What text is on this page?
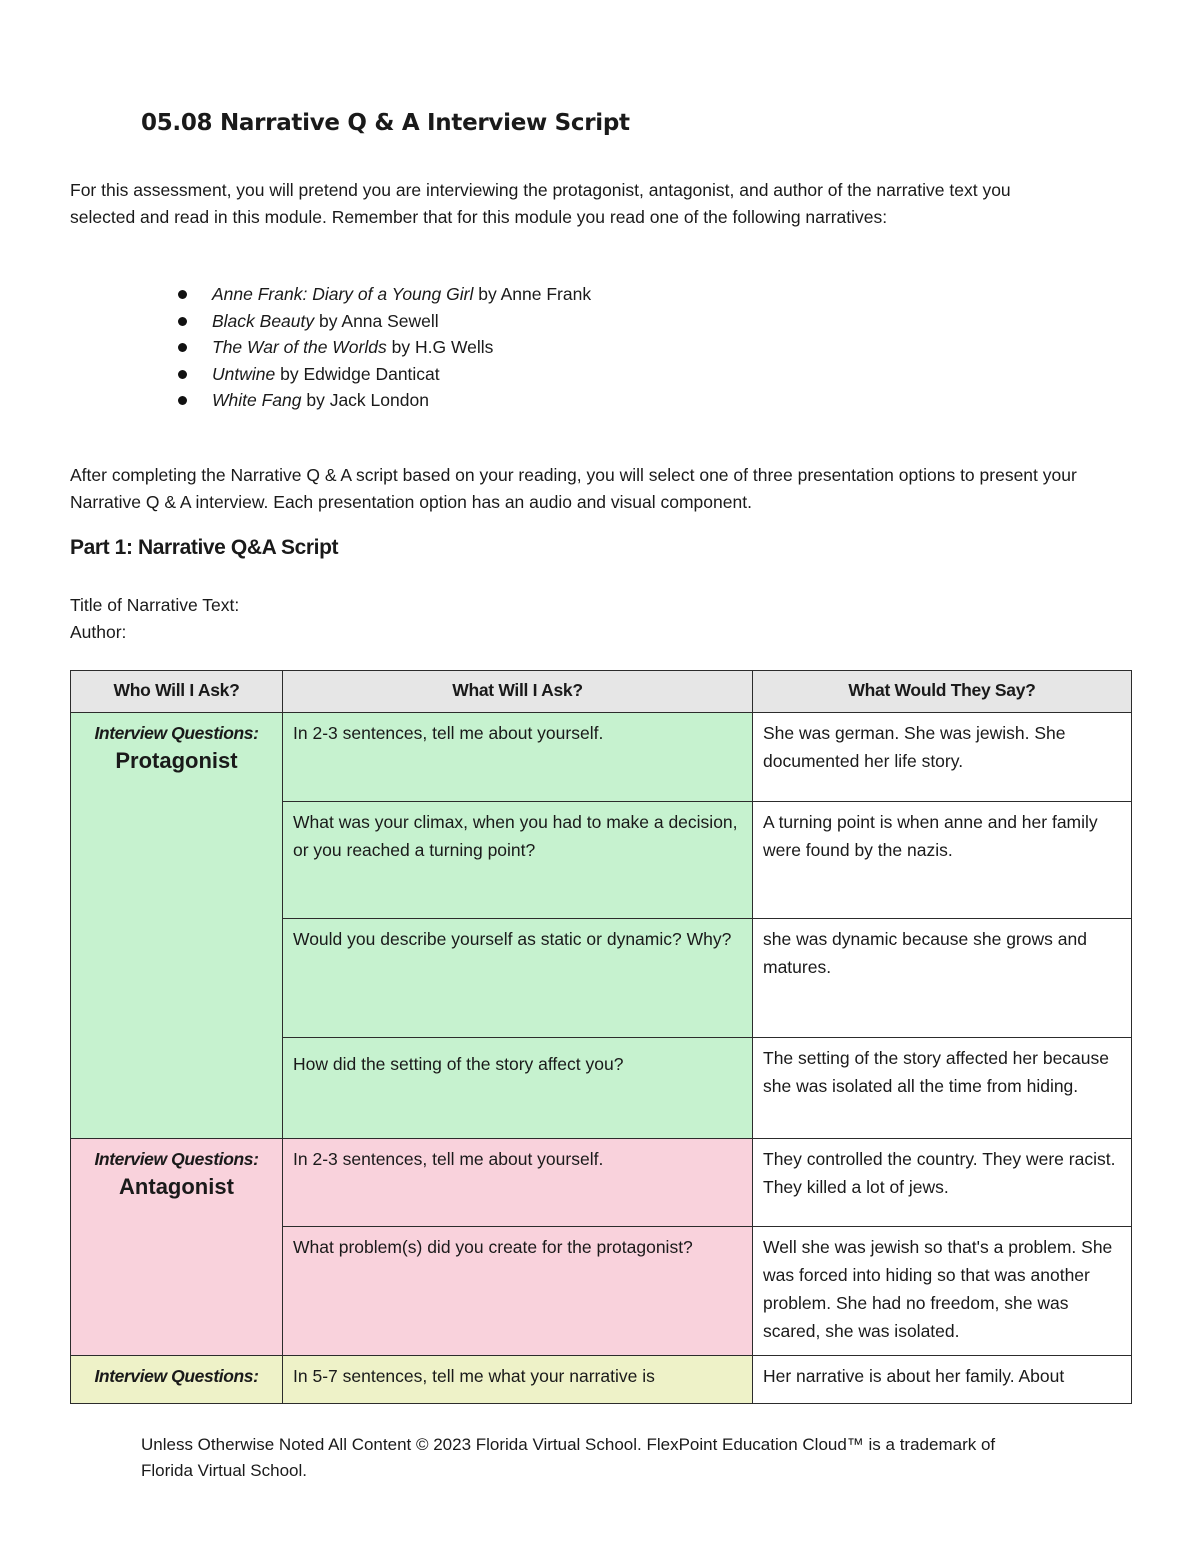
05.08 Narrative Q & A Interview Script
For this assessment, you will pretend you are interviewing the protagonist, antagonist, and author of the narrative text you selected and read in this module. Remember that for this module you read one of the following narratives:
Anne Frank: Diary of a Young Girl by Anne Frank
Black Beauty by Anna Sewell
The War of the Worlds by H.G Wells
Untwine by Edwidge Danticat
White Fang by Jack London
After completing the Narrative Q & A script based on your reading, you will select one of three presentation options to present your Narrative Q & A interview. Each presentation option has an audio and visual component.
Part 1: Narrative Q&A Script
Title of Narrative Text:
Author:
Who Will I Ask?	What Will I Ask?	What Would They Say?

Interview Questions:
Protagonist	In 2-3 sentences, tell me about yourself.	She was german. She was jewish. She documented her life story.
	What was your climax, when you had to make a decision, or you reached a turning point?	A turning point is when anne and her family were found by the nazis.
	Would you describe yourself as static or dynamic? Why?	she was dynamic because she grows and matures.
	How did the setting of the story affect you?	The setting of the story affected her because she was isolated all the time from hiding.

Interview Questions:
Antagonist	In 2-3 sentences, tell me about yourself.	They controlled the country. They were racist. They killed a lot of jews.
	What problem(s) did you create for the protagonist?	Well she was jewish so that's a problem. She was forced into hiding so that was another problem. She had no freedom, she was scared, she was isolated.

Interview Questions:	In 5-7 sentences, tell me what your narrative is	Her narrative is about her family. About
Unless Otherwise Noted All Content © 2023 Florida Virtual School. FlexPoint Education Cloud™ is a trademark of Florida Virtual School.
